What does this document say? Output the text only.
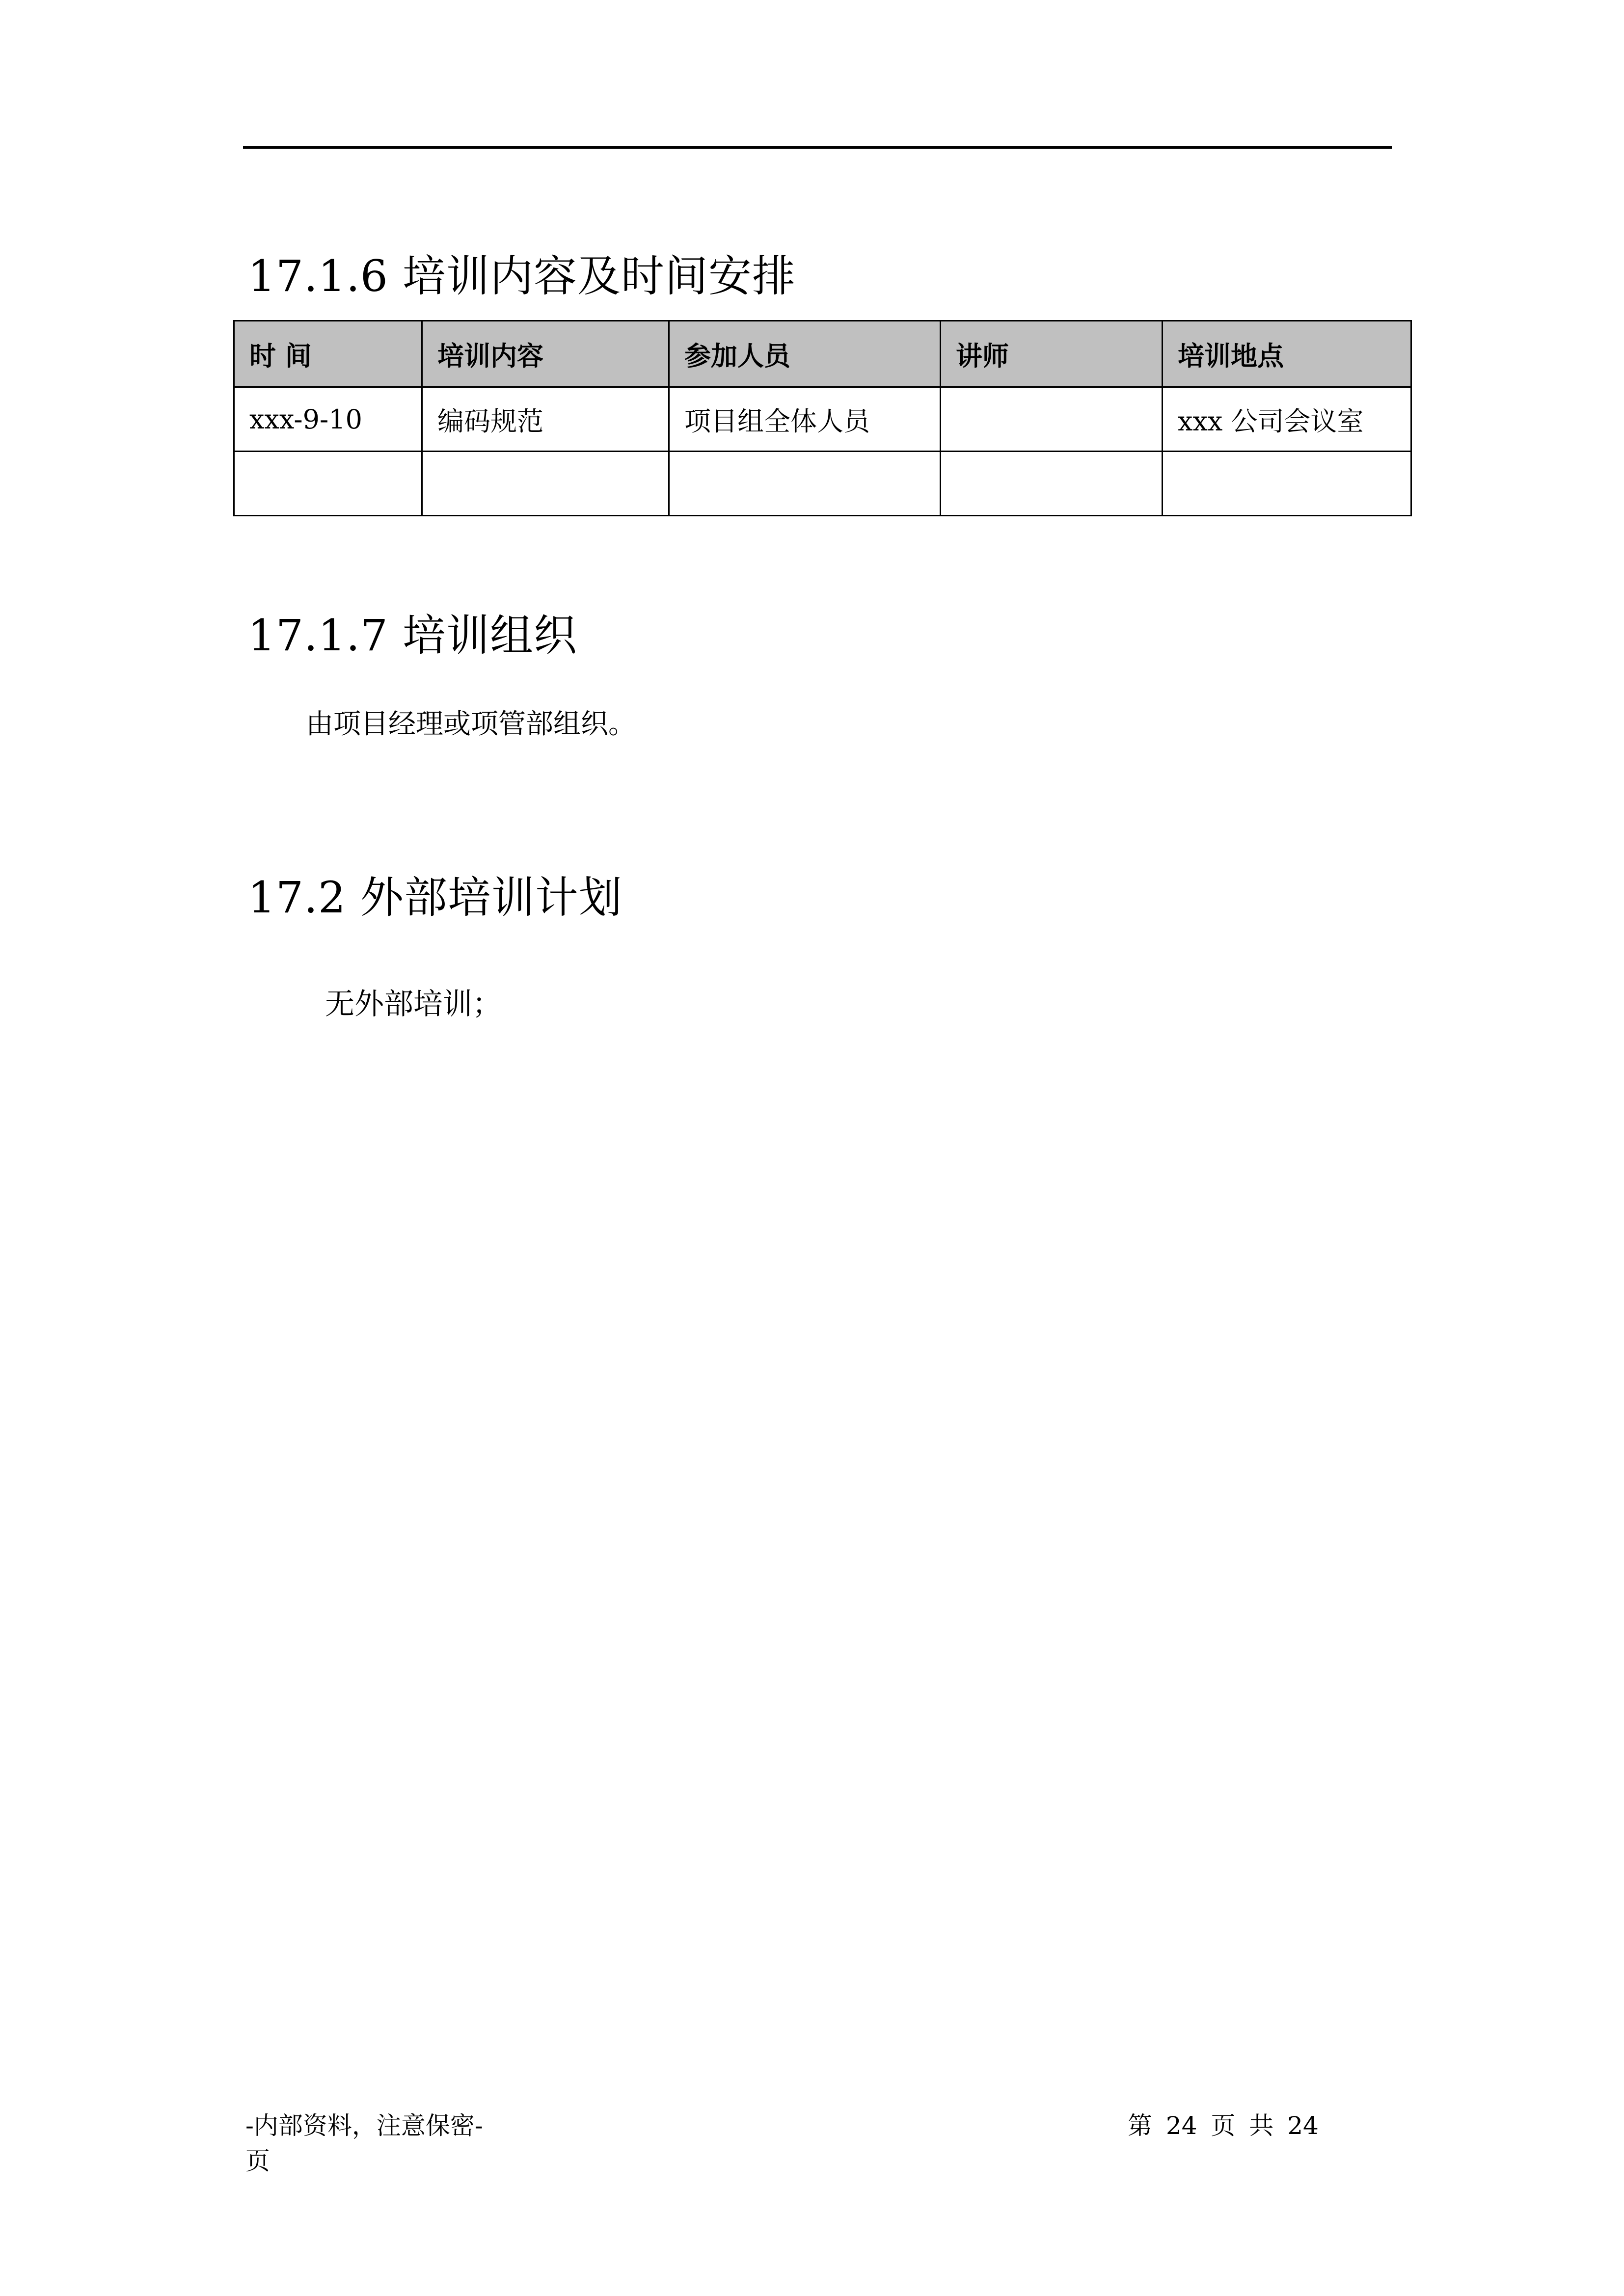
17.1.6 培训内容及时间安排
时 间	培训内容	参加人员	讲师	培训地点
xxx-9-10	编码规范	项目组全体人员		xxx 公司会议室

17.1.7 培训组织

由项目经理或项管部组织。

17.2 外部培训计划

无外部培训；

-内部资料，注意保密-
页
第 24 页 共 24
